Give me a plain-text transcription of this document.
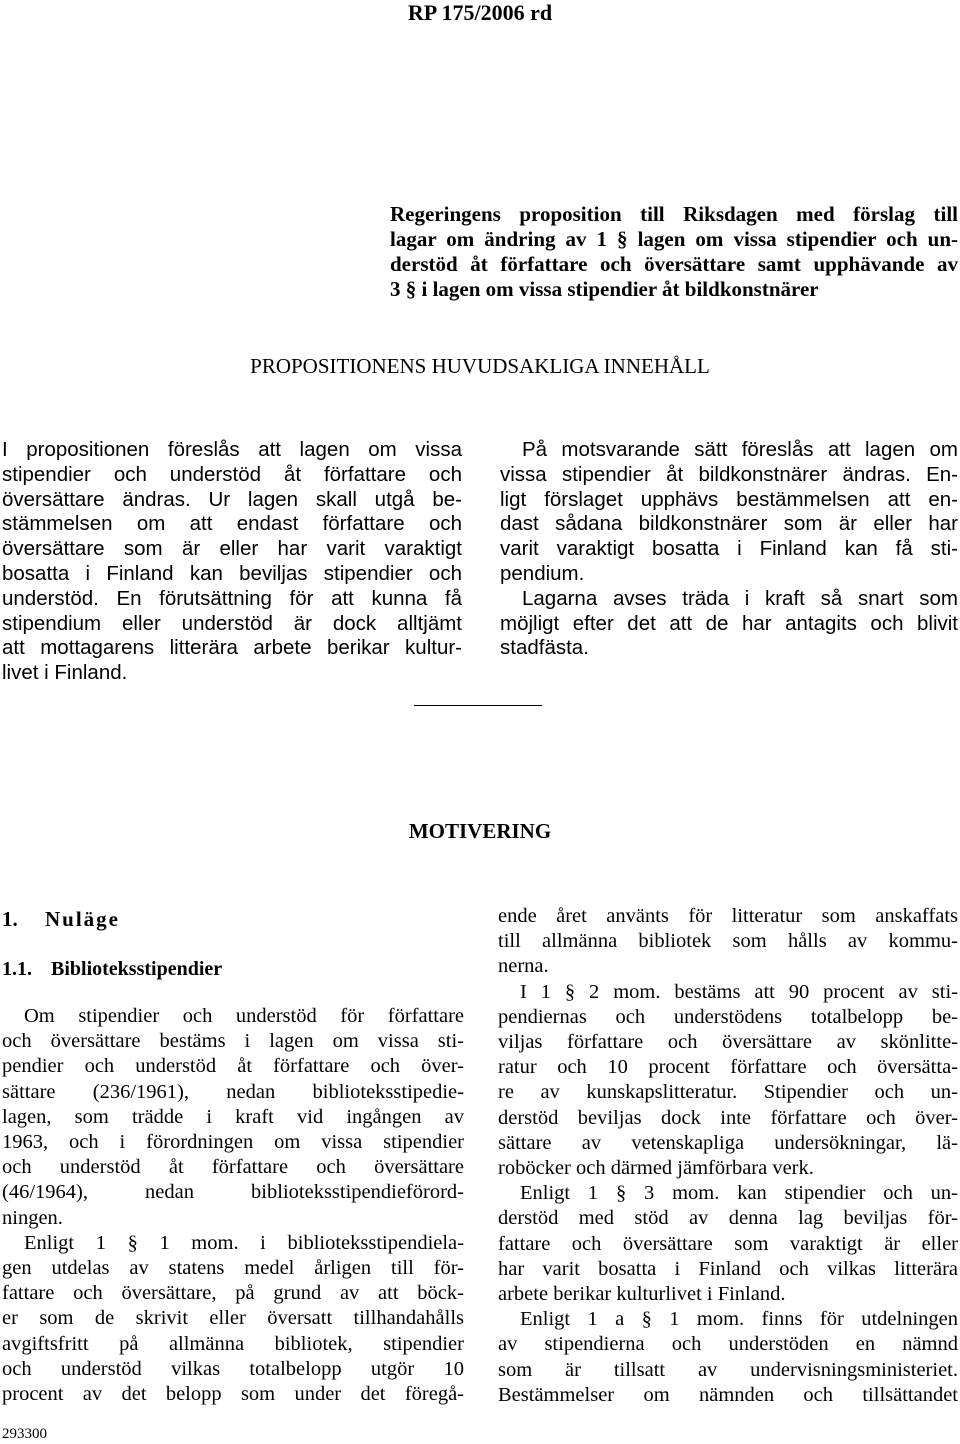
RP 175/2006 rd
Regeringens proposition till Riksdagen med förslag till
lagar om ändring av 1 § lagen om vissa stipendier och un-
derstöd åt författare och översättare samt upphävande av
3 § i lagen om vissa stipendier åt bildkonstnärer
PROPOSITIONENS HUVUDSAKLIGA INNEHÅLL
I propositionen föreslås att lagen om vissa
stipendier och understöd åt författare och
översättare ändras. Ur lagen skall utgå be-
stämmelsen om att endast författare och
översättare som är eller har varit varaktigt
bosatta i Finland kan beviljas stipendier och
understöd. En förutsättning för att kunna få
stipendium eller understöd är dock alltjämt
att mottagarens litterära arbete berikar kultur-
livet i Finland.
På motsvarande sätt föreslås att lagen om
vissa stipendier åt bildkonstnärer ändras. En-
ligt förslaget upphävs bestämmelsen att en-
dast sådana bildkonstnärer som är eller har
varit varaktigt bosatta i Finland kan få sti-
pendium.
Lagarna avses träda i kraft så snart som
möjligt efter det att de har antagits och blivit
stadfästa.
MOTIVERING
1. Nuläge
1.1. Biblioteksstipendier
Om stipendier och understöd för författare
och översättare bestäms i lagen om vissa sti-
pendier och understöd åt författare och över-
sättare (236/1961), nedan biblioteksstipedie-
lagen, som trädde i kraft vid ingången av
1963, och i förordningen om vissa stipendier
och understöd åt författare och översättare
(46/1964), nedan biblioteksstipendieförord-
ningen.
Enligt 1 § 1 mom. i biblioteksstipendiela-
gen utdelas av statens medel årligen till för-
fattare och översättare, på grund av att böck-
er som de skrivit eller översatt tillhandahålls
avgiftsfritt på allmänna bibliotek, stipendier
och understöd vilkas totalbelopp utgör 10
procent av det belopp som under det föregå-
ende året använts för litteratur som anskaffats
till allmänna bibliotek som hålls av kommu-
nerna.
I 1 § 2 mom. bestäms att 90 procent av sti-
pendiernas och understödens totalbelopp be-
viljas författare och översättare av skönlitte-
ratur och 10 procent författare och översätta-
re av kunskapslitteratur. Stipendier och un-
derstöd beviljas dock inte författare och över-
sättare av vetenskapliga undersökningar, lä-
roböcker och därmed jämförbara verk.
Enligt 1 § 3 mom. kan stipendier och un-
derstöd med stöd av denna lag beviljas för-
fattare och översättare som varaktigt är eller
har varit bosatta i Finland och vilkas litterära
arbete berikar kulturlivet i Finland.
Enligt 1 a § 1 mom. finns för utdelningen
av stipendierna och understöden en nämnd
som är tillsatt av undervisningsministeriet.
Bestämmelser om nämnden och tillsättandet
293300
